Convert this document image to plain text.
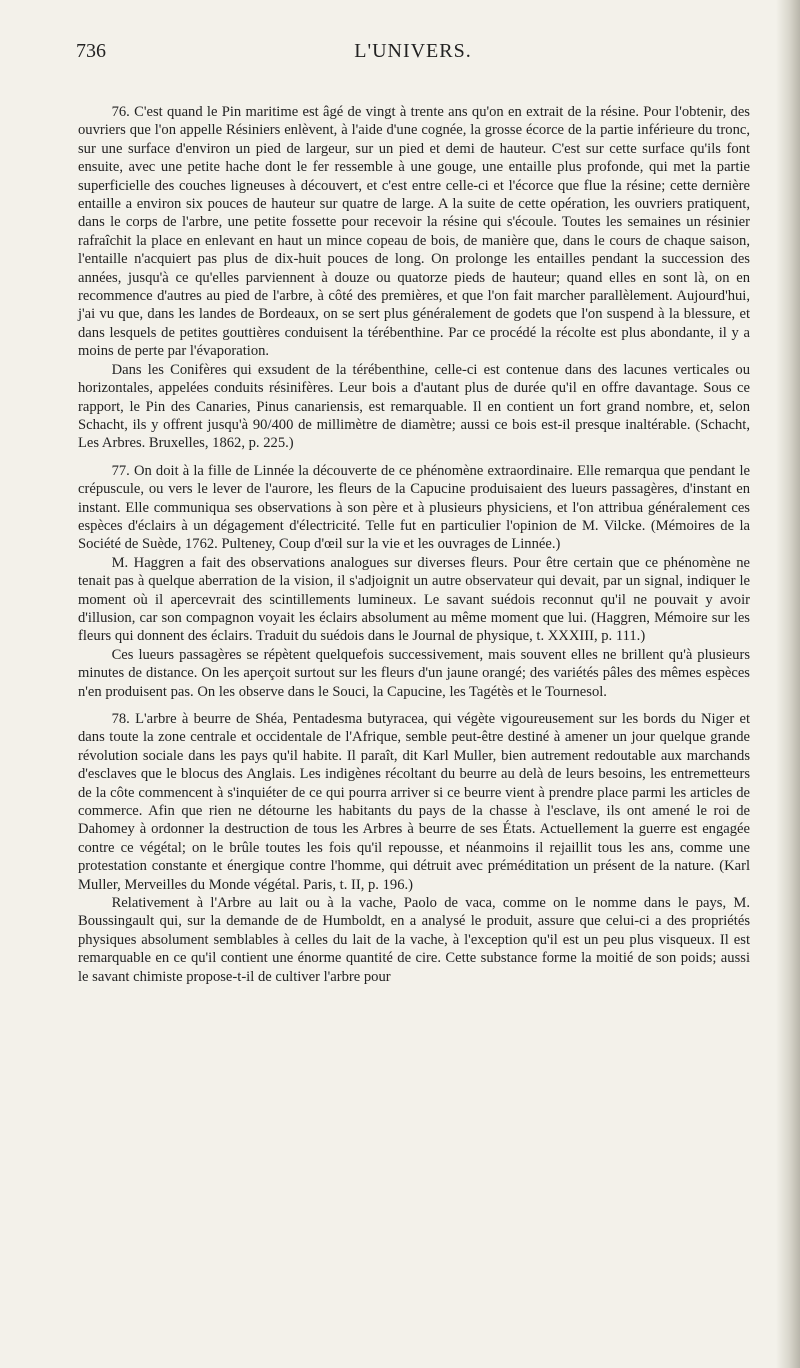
736	L'UNIVERS.

76. C'est quand le Pin maritime est âgé de vingt à trente ans qu'on en extrait de la résine. Pour l'obtenir, des ouvriers que l'on appelle Résiniers enlèvent, à l'aide d'une cognée, la grosse écorce de la partie inférieure du tronc, sur une surface d'environ un pied de largeur, sur un pied et demi de hauteur. C'est sur cette surface qu'ils font ensuite, avec une petite hache dont le fer ressemble à une gouge, une entaille plus profonde, qui met la partie superficielle des couches ligneuses à découvert, et c'est entre celle-ci et l'écorce que flue la résine; cette dernière entaille a environ six pouces de hauteur sur quatre de large. A la suite de cette opération, les ouvriers pratiquent, dans le corps de l'arbre, une petite fossette pour recevoir la résine qui s'écoule. Toutes les semaines un résinier rafraîchit la place en enlevant en haut un mince copeau de bois, de manière que, dans le cours de chaque saison, l'entaille n'acquiert pas plus de dix-huit pouces de long. On prolonge les entailles pendant la succession des années, jusqu'à ce qu'elles parviennent à douze ou quatorze pieds de hauteur; quand elles en sont là, on en recommence d'autres au pied de l'arbre, à côté des premières, et que l'on fait marcher parallèlement. Aujourd'hui, j'ai vu que, dans les landes de Bordeaux, on se sert plus généralement de godets que l'on suspend à la blessure, et dans lesquels de petites gouttières conduisent la térébenthine. Par ce procédé la récolte est plus abondante, il y a moins de perte par l'évaporation.

Dans les Conifères qui exsudent de la térébenthine, celle-ci est contenue dans des lacunes verticales ou horizontales, appelées conduits résinifères. Leur bois a d'autant plus de durée qu'il en offre davantage. Sous ce rapport, le Pin des Canaries, Pinus canariensis, est remarquable. Il en contient un fort grand nombre, et, selon Schacht, ils y offrent jusqu'à 90/400 de millimètre de diamètre; aussi ce bois est-il presque inaltérable. (Schacht, Les Arbres. Bruxelles, 1862, p. 225.)

77. On doit à la fille de Linnée la découverte de ce phénomène extraordinaire. Elle remarqua que pendant le crépuscule, ou vers le lever de l'aurore, les fleurs de la Capucine produisaient des lueurs passagères, d'instant en instant. Elle communiqua ses observations à son père et à plusieurs physiciens, et l'on attribua généralement ces espèces d'éclairs à un dégagement d'électricité. Telle fut en particulier l'opinion de M. Vilcke. (Mémoires de la Société de Suède, 1762. Pulteney, Coup d'œil sur la vie et les ouvrages de Linnée.)

M. Haggren a fait des observations analogues sur diverses fleurs. Pour être certain que ce phénomène ne tenait pas à quelque aberration de la vision, il s'adjoignit un autre observateur qui devait, par un signal, indiquer le moment où il apercevrait des scintillements lumineux. Le savant suédois reconnut qu'il ne pouvait y avoir d'illusion, car son compagnon voyait les éclairs absolument au même moment que lui. (Haggren, Mémoire sur les fleurs qui donnent des éclairs. Traduit du suédois dans le Journal de physique, t. XXXIII, p. 111.)

Ces lueurs passagères se répètent quelquefois successivement, mais souvent elles ne brillent qu'à plusieurs minutes de distance. On les aperçoit surtout sur les fleurs d'un jaune orangé; des variétés pâles des mêmes espèces n'en produisent pas. On les observe dans le Souci, la Capucine, les Tagétès et le Tournesol.

78. L'arbre à beurre de Shéa, Pentadesma butyracea, qui végète vigoureusement sur les bords du Niger et dans toute la zone centrale et occidentale de l'Afrique, semble peut-être destiné à amener un jour quelque grande révolution sociale dans les pays qu'il habite. Il paraît, dit Karl Muller, bien autrement redoutable aux marchands d'esclaves que le blocus des Anglais. Les indigènes récoltant du beurre au delà de leurs besoins, les entremetteurs de la côte commencent à s'inquiéter de ce qui pourra arriver si ce beurre vient à prendre place parmi les articles de commerce. Afin que rien ne détourne les habitants du pays de la chasse à l'esclave, ils ont amené le roi de Dahomey à ordonner la destruction de tous les Arbres à beurre de ses États. Actuellement la guerre est engagée contre ce végétal; on le brûle toutes les fois qu'il repousse, et néanmoins il rejaillit tous les ans, comme une protestation constante et énergique contre l'homme, qui détruit avec préméditation un présent de la nature. (Karl Muller, Merveilles du Monde végétal. Paris, t. II, p. 196.)

Relativement à l'Arbre au lait ou à la vache, Paolo de vaca, comme on le nomme dans le pays, M. Boussingault qui, sur la demande de de Humboldt, en a analysé le produit, assure que celui-ci a des propriétés physiques absolument semblables à celles du lait de la vache, à l'exception qu'il est un peu plus visqueux. Il est remarquable en ce qu'il contient une énorme quantité de cire. Cette substance forme la moitié de son poids; aussi le savant chimiste propose-t-il de cultiver l'arbre pour
